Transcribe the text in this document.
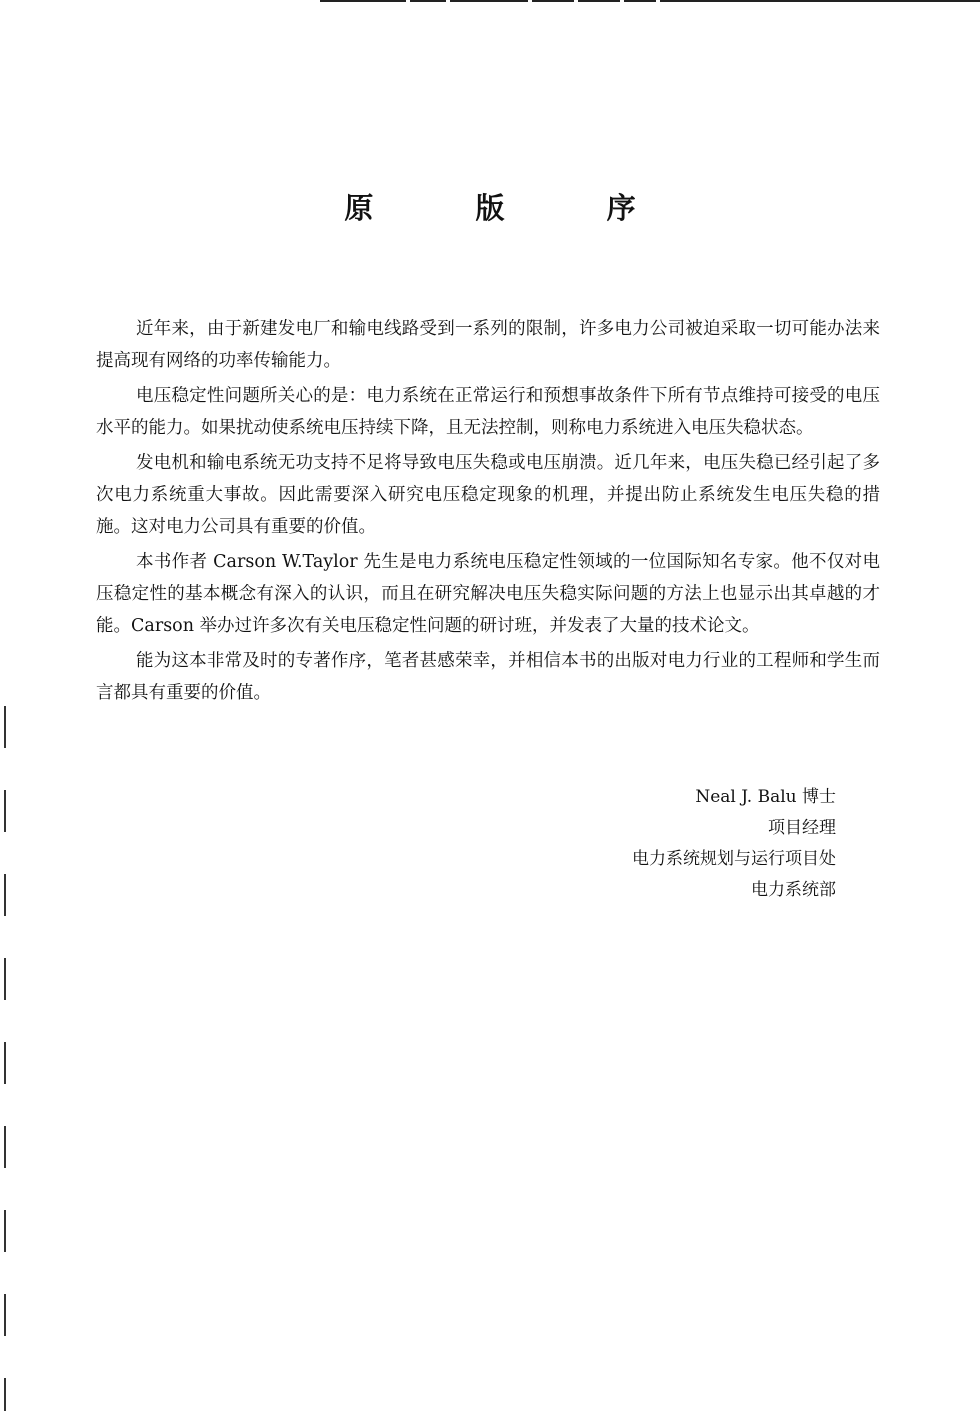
原 版 序

近年来，由于新建发电厂和输电线路受到一系列的限制，许多电力公司被迫采取一切可能办法来提高现有网络的功率传输能力。

电压稳定性问题所关心的是：电力系统在正常运行和预想事故条件下所有节点维持可接受的电压水平的能力。如果扰动使系统电压持续下降，且无法控制，则称电力系统进入电压失稳状态。

发电机和输电系统无功支持不足将导致电压失稳或电压崩溃。近几年来，电压失稳已经引起了多次电力系统重大事故。因此需要深入研究电压稳定现象的机理，并提出防止系统发生电压失稳的措施。这对电力公司具有重要的价值。

本书作者 Carson W.Taylor 先生是电力系统电压稳定性领域的一位国际知名专家。他不仅对电压稳定性的基本概念有深入的认识，而且在研究解决电压失稳实际问题的方法上也显示出其卓越的才能。Carson 举办过许多次有关电压稳定性问题的研讨班，并发表了大量的技术论文。

能为这本非常及时的专著作序，笔者甚感荣幸，并相信本书的出版对电力行业的工程师和学生而言都具有重要的价值。

Neal J. Balu 博士
项目经理
电力系统规划与运行项目处
电力系统部
